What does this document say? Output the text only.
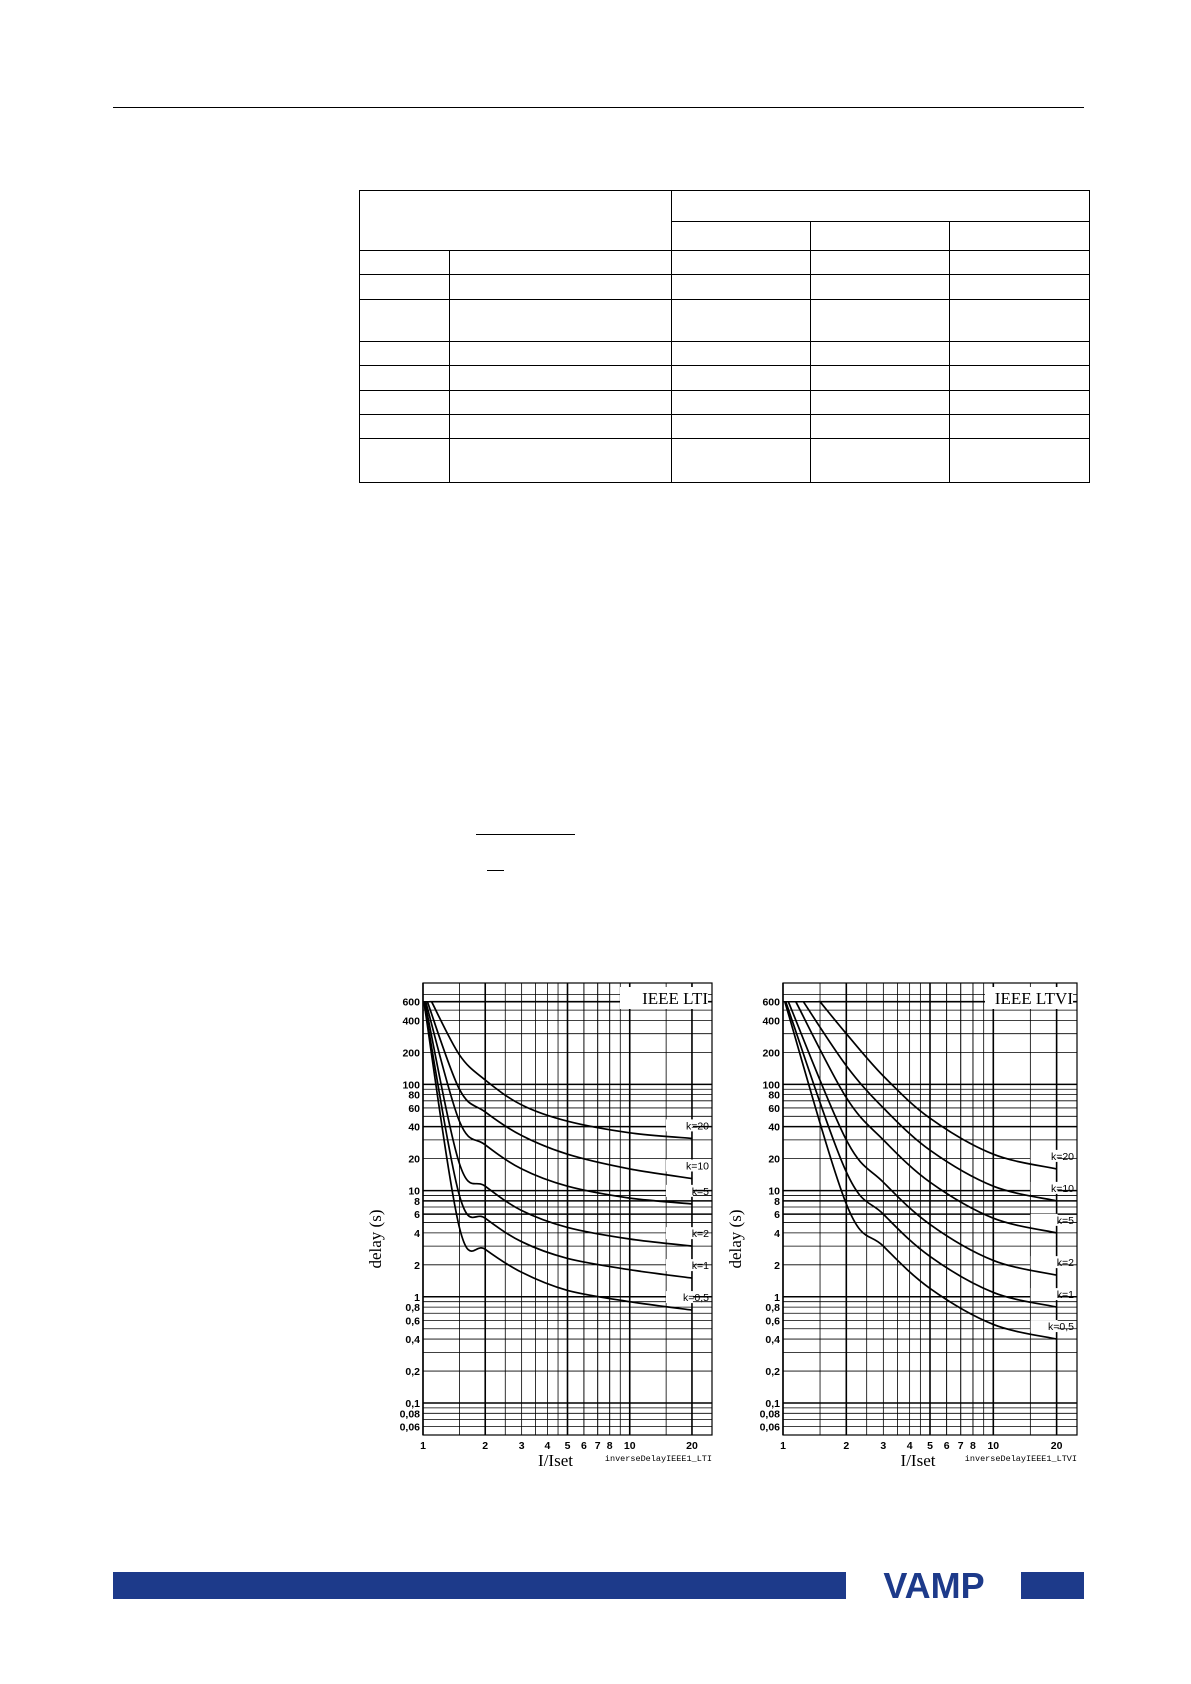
600
400
200
100
80
60
40
20
10
8
6
4
2
1
0,8
0,6
0,4
0,2
0,1
0,08
0,06
1	2	3 4 5 6 7 8 10	20
k=20
k=10
k=5
k=2
k=1
k=0,5
IEEE LTI
delay (s)
I/Iset	inverseDelayIEEE1_LTI
600
400
200
100
80
60
40
20
10
8
6
4
2
1
0,8
0,6
0,4
0,2
0,1
0,08
0,06
1	2	3 4 5 6 7 8 10	20
k=20
k=10
k=5
k=2
k=1
k=0,5
IEEE LTVI
delay (s)
I/Iset	inverseDelayIEEE1_LTVI
VAMP
